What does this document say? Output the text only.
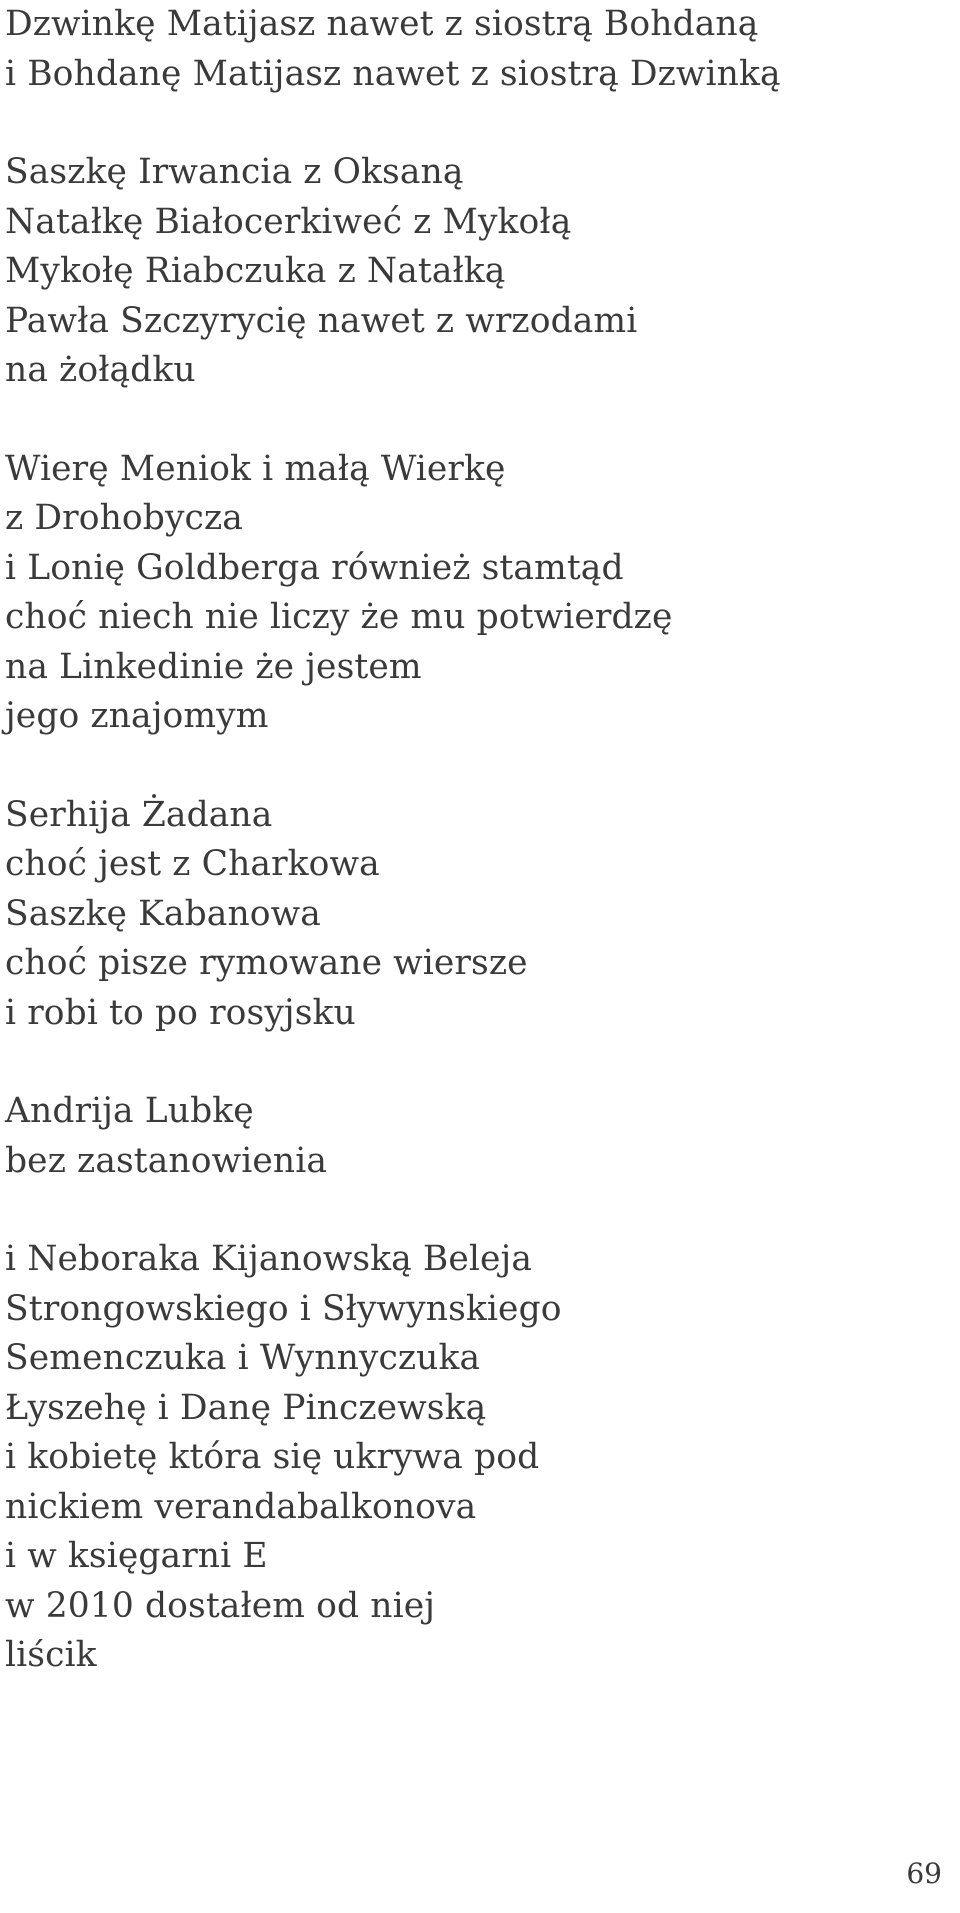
Dzwinkę Matijasz nawet z siostrą Bohdaną
i Bohdanę Matijasz nawet z siostrą Dzwinką
Saszkę Irwancia z Oksaną
Natałkę Białocerkiweć z Mykołą
Mykołę Riabczuka z Natałką
Pawła Szczyrycię nawet z wrzodami
na żołądku
Wierę Meniok i małą Wierkę
z Drohobycza
i Lonię Goldberga również stamtąd
choć niech nie liczy że mu potwierdzę
na Linkedinie że jestem
jego znajomym
Serhija Żadana
choć jest z Charkowa
Saszkę Kabanowa
choć pisze rymowane wiersze
i robi to po rosyjsku
Andrija Lubkę
bez zastanowienia
i Neboraka Kijanowską Beleja
Strongowskiego i Sływynskiego
Semenczuka i Wynnyczuka
Łyszehę i Danę Pinczewską
i kobietę która się ukrywa pod
nickiem verandabalkonova
i w księgarni E
w 2010 dostałem od niej
liścik
69
